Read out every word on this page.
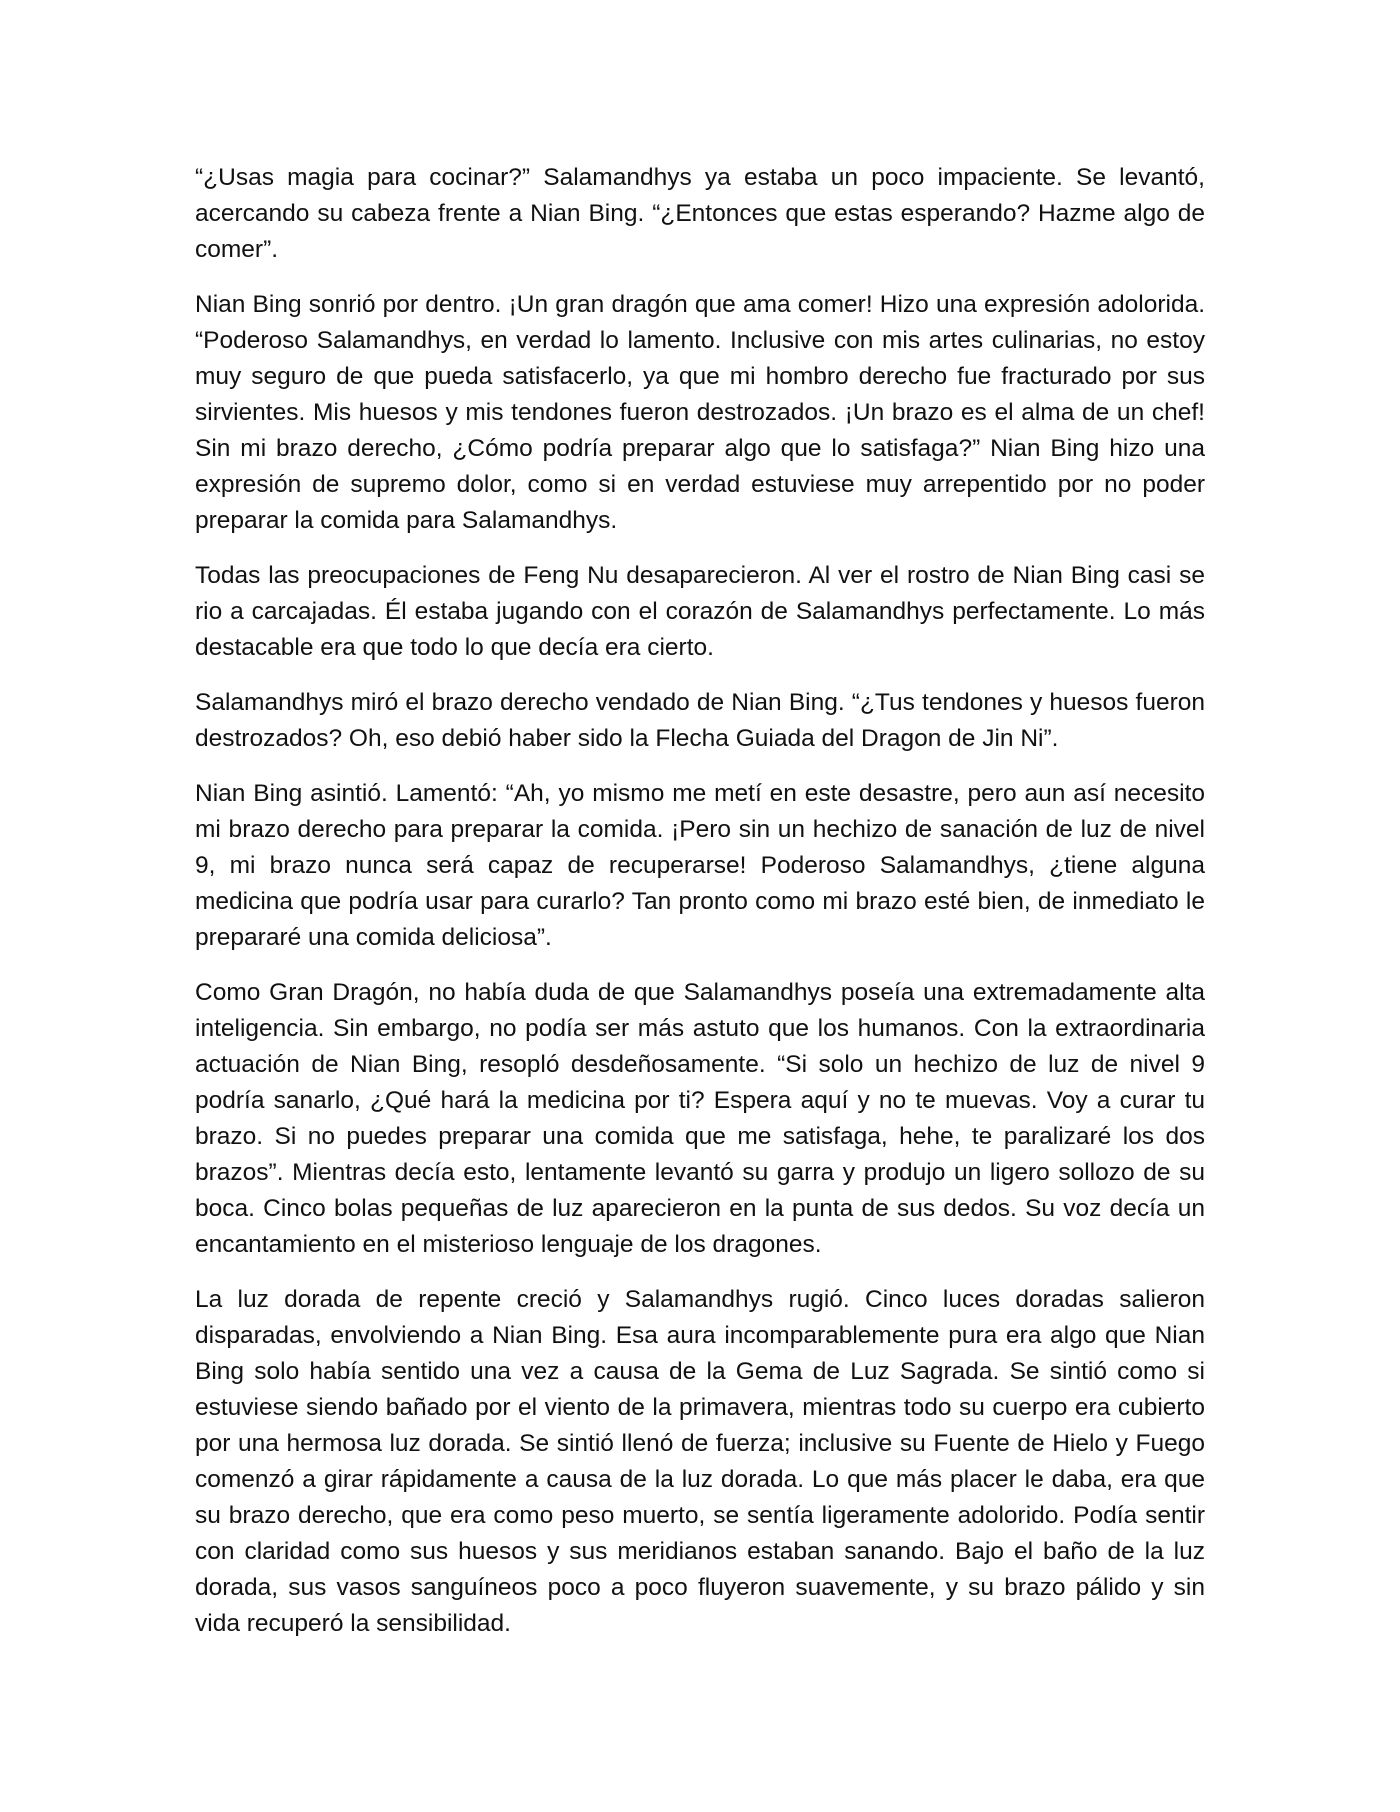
“¿Usas magia para cocinar?” Salamandhys ya estaba un poco impaciente. Se levantó, acercando su cabeza frente a Nian Bing. “¿Entonces que estas esperando? Hazme algo de comer”.

Nian Bing sonrió por dentro. ¡Un gran dragón que ama comer! Hizo una expresión adolorida. “Poderoso Salamandhys, en verdad lo lamento. Inclusive con mis artes culinarias, no estoy muy seguro de que pueda satisfacerlo, ya que mi hombro derecho fue fracturado por sus sirvientes. Mis huesos y mis tendones fueron destrozados. ¡Un brazo es el alma de un chef! Sin mi brazo derecho, ¿Cómo podría preparar algo que lo satisfaga?” Nian Bing hizo una expresión de supremo dolor, como si en verdad estuviese muy arrepentido por no poder preparar la comida para Salamandhys.

Todas las preocupaciones de Feng Nu desaparecieron. Al ver el rostro de Nian Bing casi se rio a carcajadas. Él estaba jugando con el corazón de Salamandhys perfectamente. Lo más destacable era que todo lo que decía era cierto.

Salamandhys miró el brazo derecho vendado de Nian Bing. “¿Tus tendones y huesos fueron destrozados? Oh, eso debió haber sido la Flecha Guiada del Dragon de Jin Ni”.

Nian Bing asintió. Lamentó: “Ah, yo mismo me metí en este desastre, pero aun así necesito mi brazo derecho para preparar la comida. ¡Pero sin un hechizo de sanación de luz de nivel 9, mi brazo nunca será capaz de recuperarse! Poderoso Salamandhys, ¿tiene alguna medicina que podría usar para curarlo? Tan pronto como mi brazo esté bien, de inmediato le prepararé una comida deliciosa”.

Como Gran Dragón, no había duda de que Salamandhys poseía una extremadamente alta inteligencia. Sin embargo, no podía ser más astuto que los humanos. Con la extraordinaria actuación de Nian Bing, resopló desdeñosamente. “Si solo un hechizo de luz de nivel 9 podría sanarlo, ¿Qué hará la medicina por ti? Espera aquí y no te muevas. Voy a curar tu brazo. Si no puedes preparar una comida que me satisfaga, hehe, te paralizaré los dos brazos”. Mientras decía esto, lentamente levantó su garra y produjo un ligero sollozo de su boca. Cinco bolas pequeñas de luz aparecieron en la punta de sus dedos. Su voz decía un encantamiento en el misterioso lenguaje de los dragones.

La luz dorada de repente creció y Salamandhys rugió. Cinco luces doradas salieron disparadas, envolviendo a Nian Bing. Esa aura incomparablemente pura era algo que Nian Bing solo había sentido una vez a causa de la Gema de Luz Sagrada. Se sintió como si estuviese siendo bañado por el viento de la primavera, mientras todo su cuerpo era cubierto por una hermosa luz dorada. Se sintió llenó de fuerza; inclusive su Fuente de Hielo y Fuego comenzó a girar rápidamente a causa de la luz dorada. Lo que más placer le daba, era que su brazo derecho, que era como peso muerto, se sentía ligeramente adolorido. Podía sentir con claridad como sus huesos y sus meridianos estaban sanando. Bajo el baño de la luz dorada, sus vasos sanguíneos poco a poco fluyeron suavemente, y su brazo pálido y sin vida recuperó la sensibilidad.
